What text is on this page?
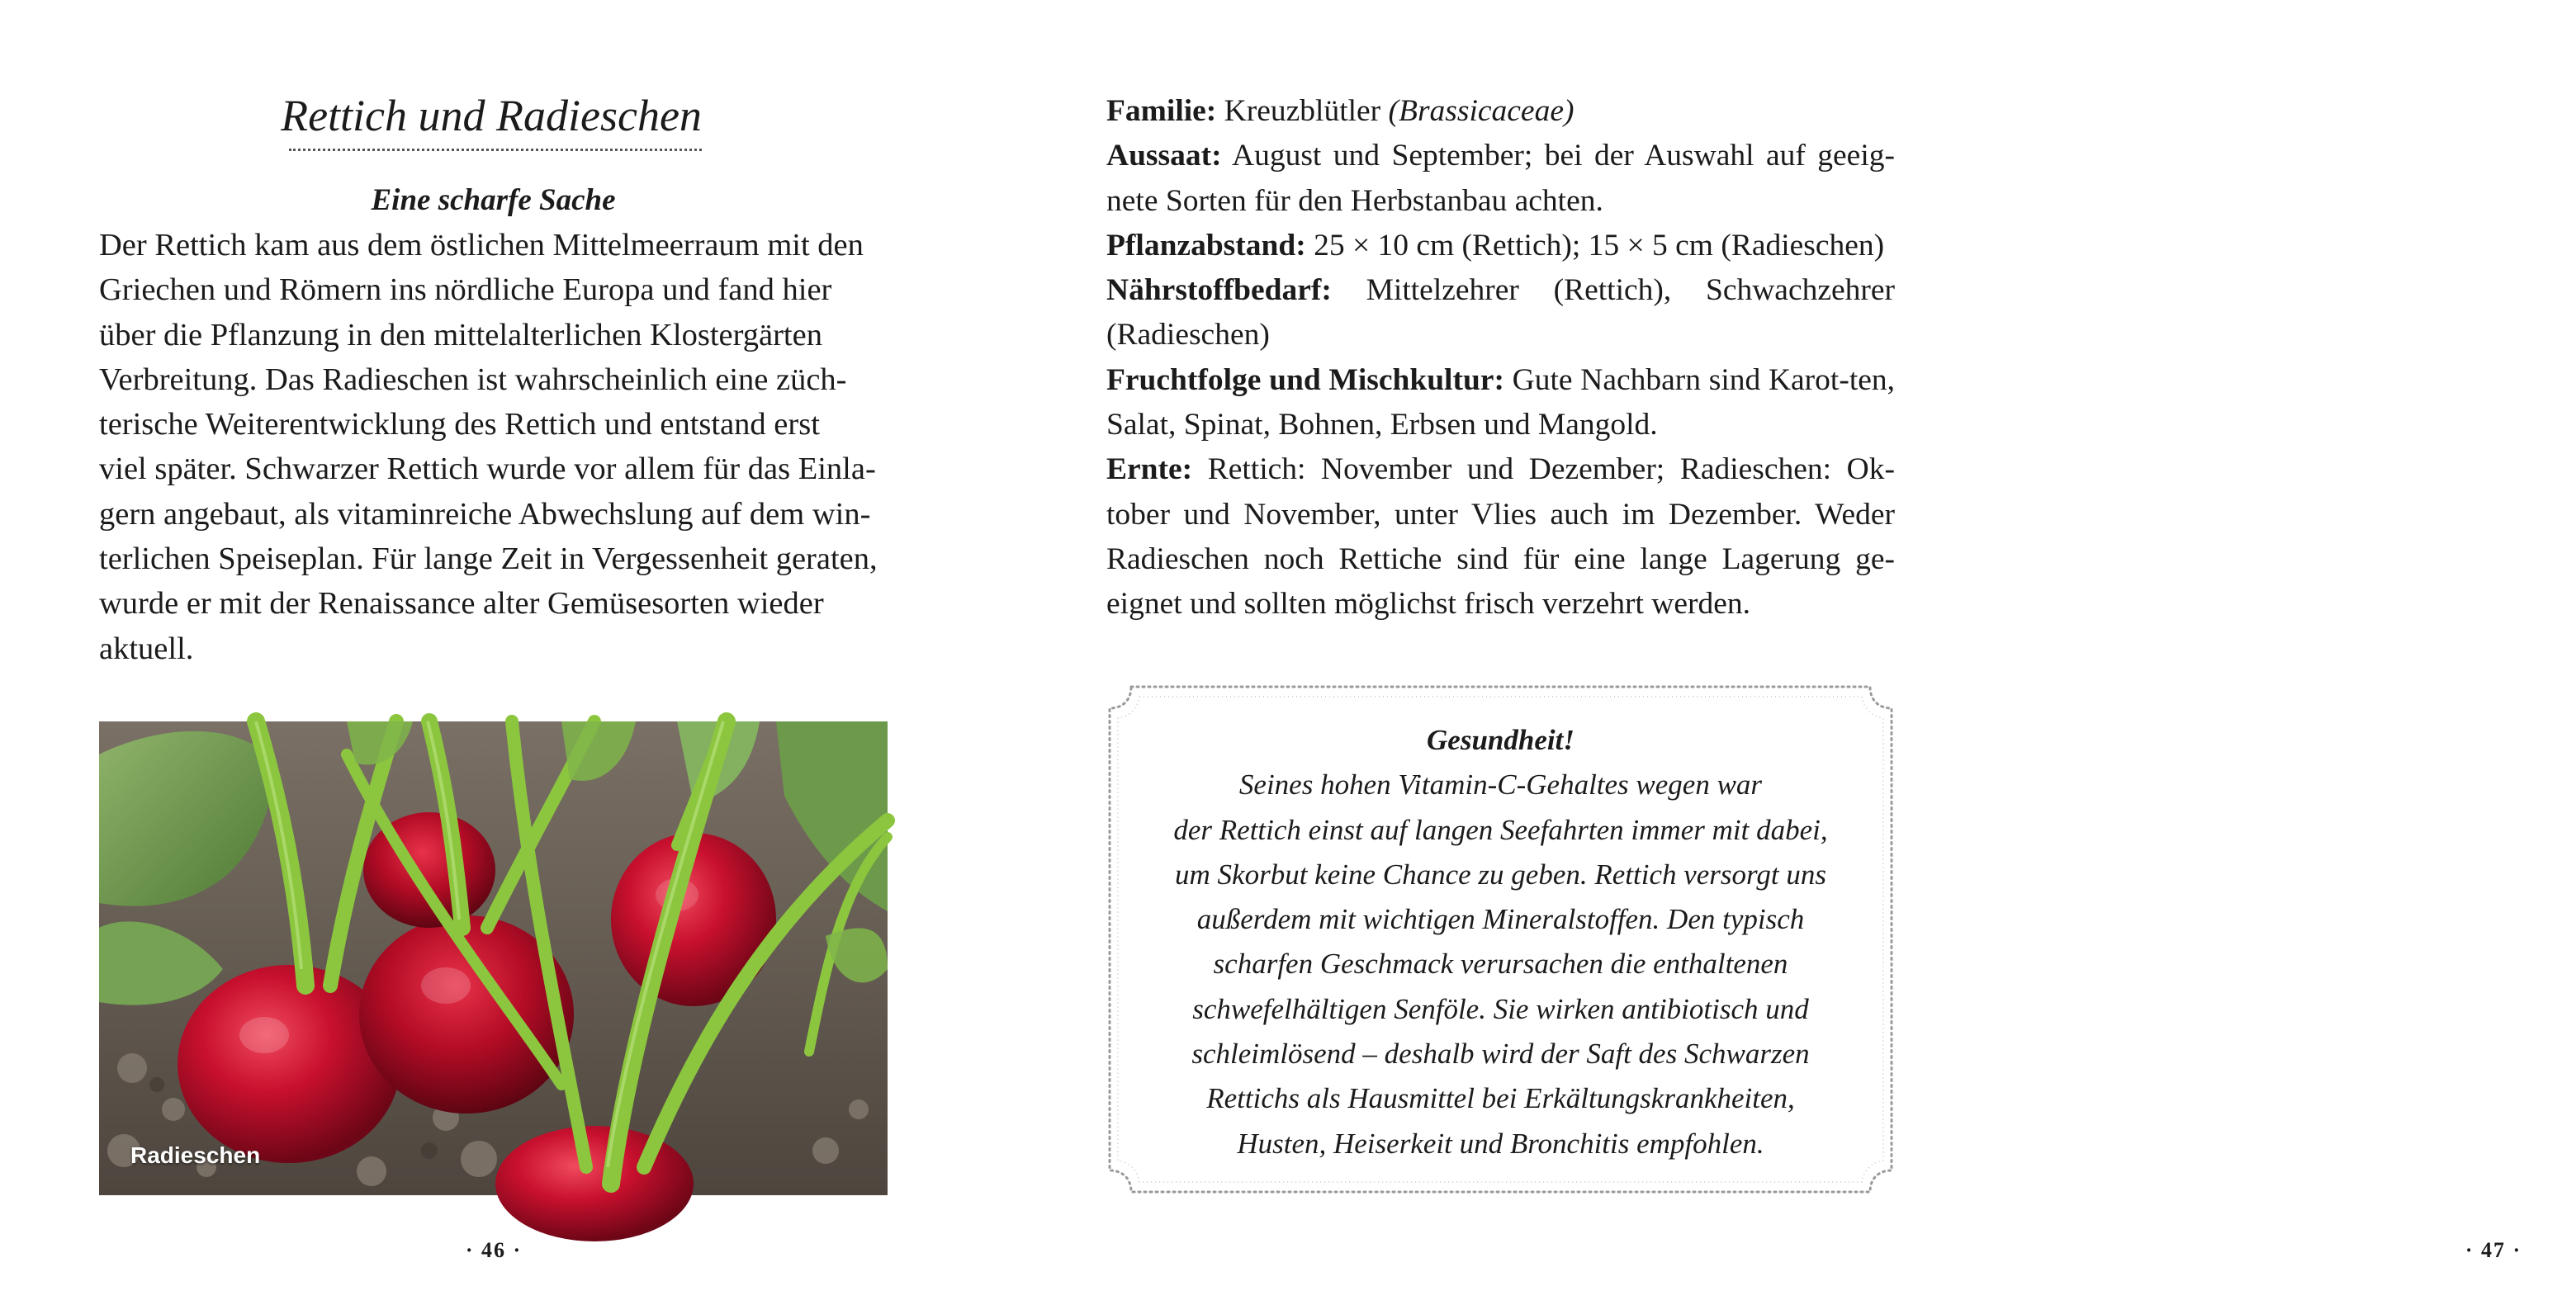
Rettich und Radieschen
Eine scharfe Sache
Der Rettich kam aus dem östlichen Mittelmeerraum mit den
Griechen und Römern ins nördliche Europa und fand hier
über die Pflanzung in den mittelalterlichen Klostergärten
Verbreitung. Das Radieschen ist wahrscheinlich eine züch-
terische Weiterentwicklung des Rettich und entstand erst
viel später. Schwarzer Rettich wurde vor allem für das Einla-
gern angebaut, als vitaminreiche Abwechslung auf dem win-
terlichen Speiseplan. Für lange Zeit in Vergessenheit geraten,
wurde er mit der Renaissance alter Gemüsesorten wieder
aktuell.
Radieschen
· 46 ·
Familie: Kreuzblütler (Brassicaceae)
Aussaat: August und September; bei der Auswahl auf geeig-nete Sorten für den Herbstanbau achten.
Pflanzabstand: 25 × 10 cm (Rettich); 15 × 5 cm (Radieschen)
Nährstoffbedarf: Mittelzehrer (Rettich), Schwachzehrer (Radieschen)
Fruchtfolge und Mischkultur: Gute Nachbarn sind Karot-ten, Salat, Spinat, Bohnen, Erbsen und Mangold.
Ernte: Rettich: November und Dezember; Radieschen: Ok-tober und November, unter Vlies auch im Dezember. Weder Radieschen noch Rettiche sind für eine lange Lagerung ge-eignet und sollten möglichst frisch verzehrt werden.
Gesundheit!
Seines hohen Vitamin-C-Gehaltes wegen war
der Rettich einst auf langen Seefahrten immer mit dabei,
um Skorbut keine Chance zu geben. Rettich versorgt uns
außerdem mit wichtigen Mineralstoffen. Den typisch
scharfen Geschmack verursachen die enthaltenen
schwefelhältigen Senföle. Sie wirken antibiotisch und
schleimlösend – deshalb wird der Saft des Schwarzen
Rettichs als Hausmittel bei Erkältungskrankheiten,
Husten, Heiserkeit und Bronchitis empfohlen.
· 47 ·
